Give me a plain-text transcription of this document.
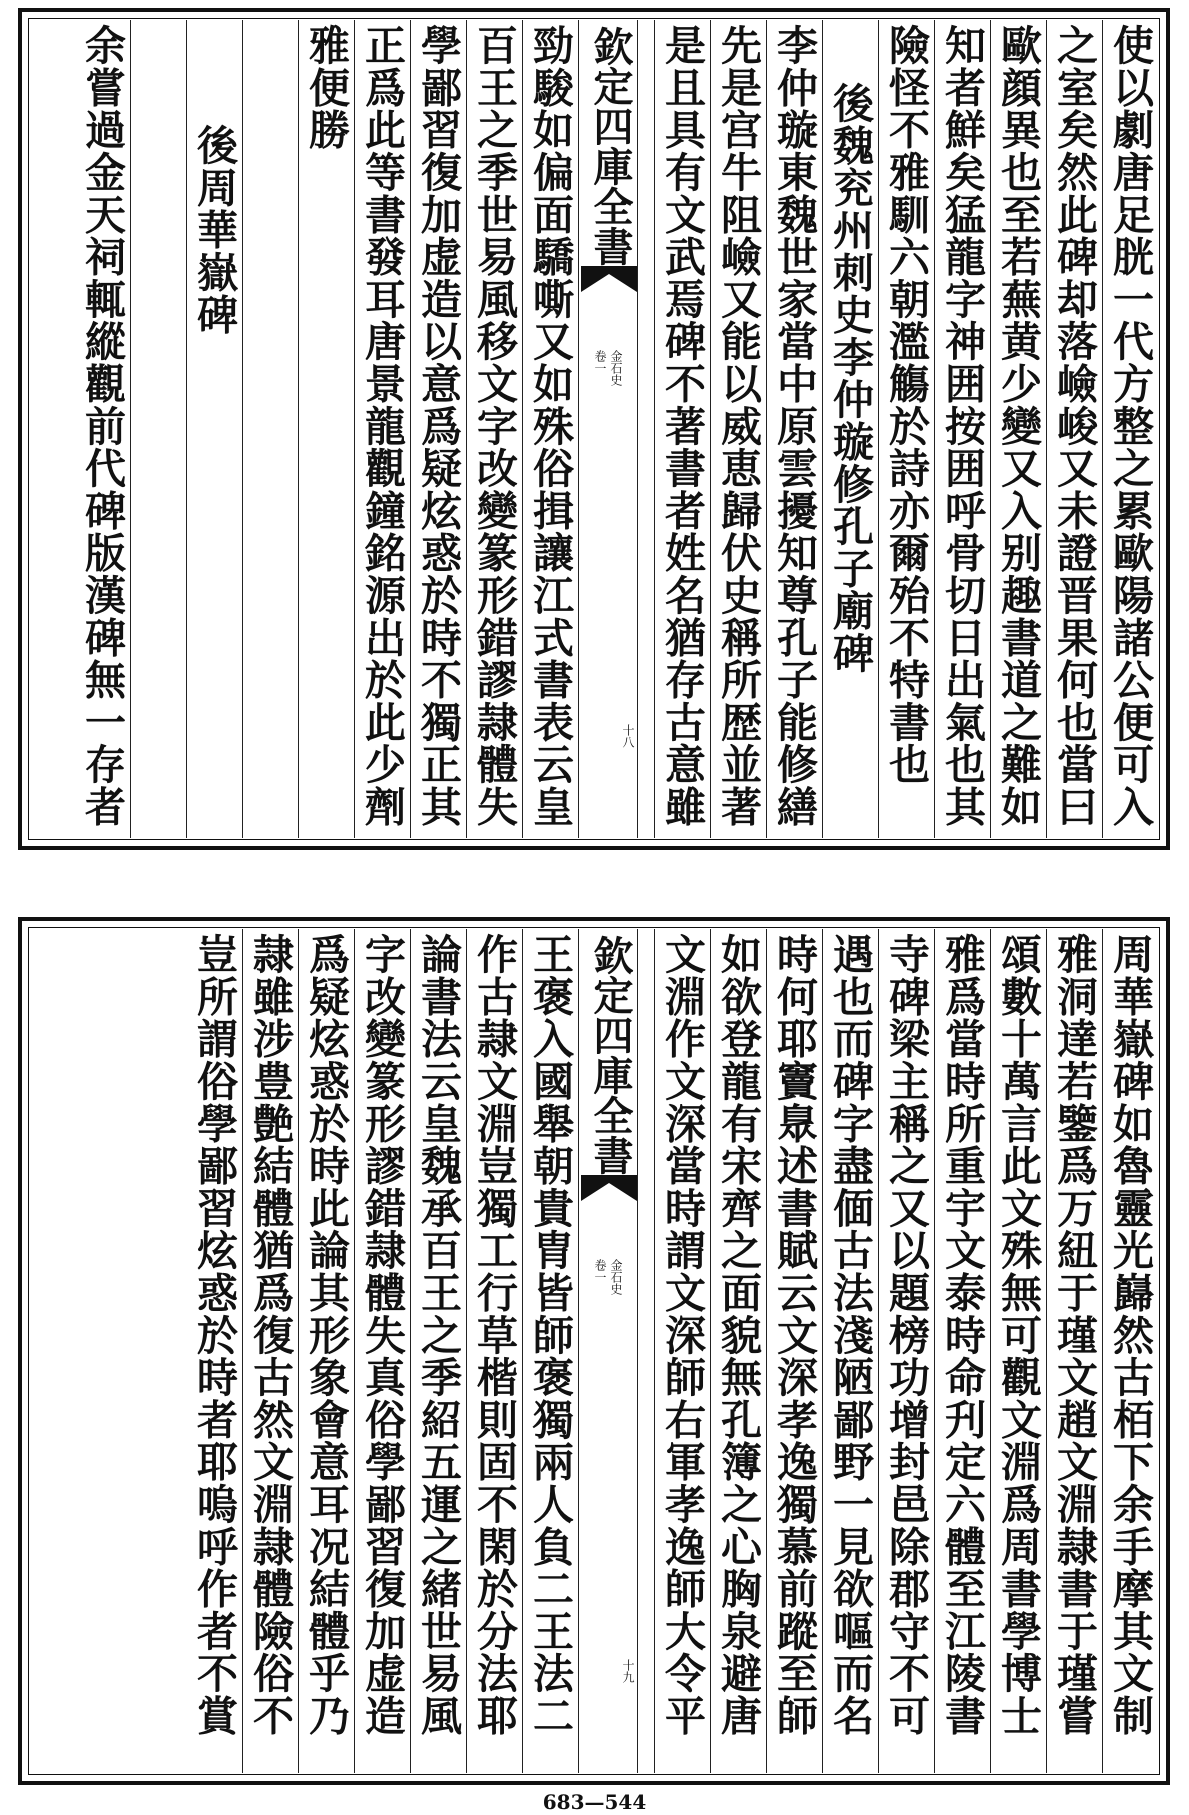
使以劇唐足胱一代方整之累歐陽諸公便可入
之室矣然此碑却落嶮峻又未證晋果何也當曰
歐顔異也至若蕪黄少變又入别趣書道之難如
知者鮮矣猛龍字神囲按囲呼骨切日出氣也其
險怪不雅馴六朝濫觴於詩亦爾殆不特書也
後魏兖州刺史李仲璇修孔子廟碑
李仲璇東魏世家當中原雲擾知尊孔子能修繕
先是宫牛阻嶮又能以威恵歸伏史稱所歴並著
是且具有文武焉碑不著書者姓名猶存古意雖
欽定四庫全書
金石史
卷一
十八
勁駿如偏面驕嘶又如殊俗揖讓江式書表云皇
百王之季世易風移文字改變篆形錯謬隷體失
學鄙習復加虚造以意爲疑炫惑於時不獨正其
正爲此等書發耳唐景龍觀鐘銘源出於此少劑
雅便勝
後周華嶽碑
余嘗過金天祠輒縱觀前代碑版漢碑無一存者
周華嶽碑如魯靈光巋然古栢下余手摩其文制
雅洞達若鑒爲万紐于瑾文趙文淵隷書于瑾嘗
頌數十萬言此文殊無可觀文淵爲周書學博士
雅爲當時所重宇文泰時命刋定六體至江陵書
寺碑梁主稱之又以題榜功增封邑除郡守不可
遇也而碑字盡偭古法淺陋鄙野一見欲嘔而名
時何耶竇臮述書賦云文深孝逸獨慕前蹤至師
如欲登龍有宋齊之面貌無孔簿之心胸泉避唐
文淵作文深當時謂文深師右軍孝逸師大令平
欽定四庫全書
金石史
卷一
十九
王褒入國舉朝貴胄皆師褒獨兩人負二王法二
作古隷文淵豈獨工行草楷則固不閑於分法耶
論書法云皇魏承百王之季紹五運之緒世易風
字改變篆形謬錯隷體失真俗學鄙習復加虚造
爲疑炫惑於時此論其形象會意耳况結體乎乃
隷雖涉豊艶結體猶爲復古然文淵隷體險俗不
豈所謂俗學鄙習炫惑於時者耶嗚呼作者不賞
683—544
